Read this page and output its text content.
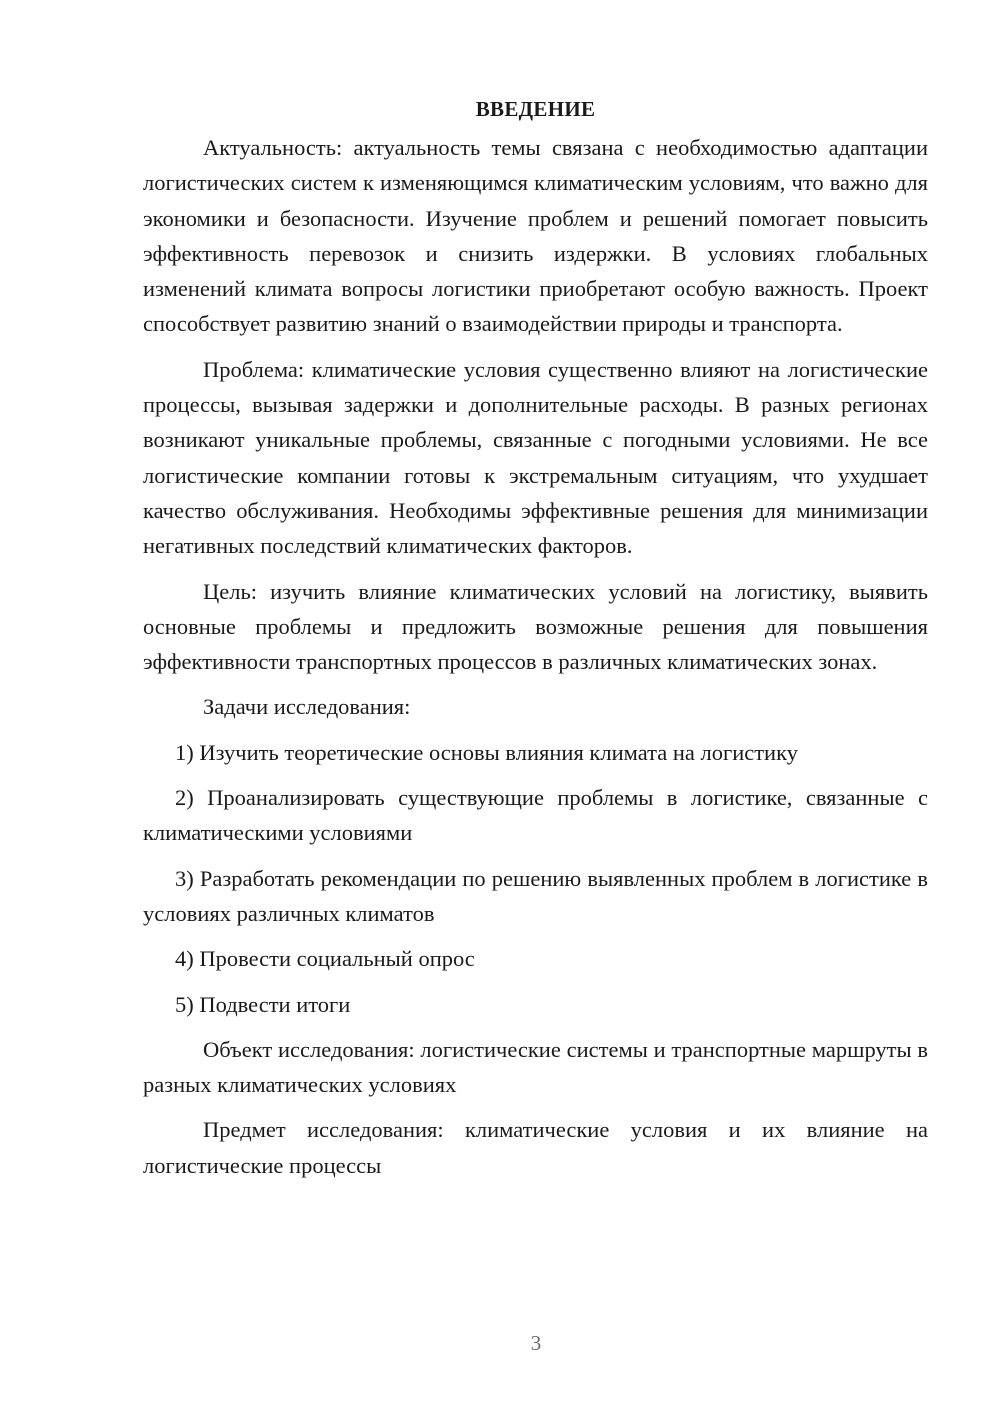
ВВЕДЕНИЕ

Актуальность: актуальность темы связана с необходимостью адаптации логистических систем к изменяющимся климатическим условиям, что важно для экономики и безопасности. Изучение проблем и решений помогает повысить эффективность перевозок и снизить издержки. В условиях глобальных изменений климата вопросы логистики приобретают особую важность. Проект способствует развитию знаний о взаимодействии природы и транспорта.

Проблема: климатические условия существенно влияют на логистические процессы, вызывая задержки и дополнительные расходы. В разных регионах возникают уникальные проблемы, связанные с погодными условиями. Не все логистические компании готовы к экстремальным ситуациям, что ухудшает качество обслуживания. Необходимы эффективные решения для минимизации негативных последствий климатических факторов.

Цель: изучить влияние климатических условий на логистику, выявить основные проблемы и предложить возможные решения для повышения эффективности транспортных процессов в различных климатических зонах.

Задачи исследования:

1) Изучить теоретические основы влияния климата на логистику

2) Проанализировать существующие проблемы в логистике, связанные с климатическими условиями

3) Разработать рекомендации по решению выявленных проблем в логистике в условиях различных климатов

4) Провести социальный опрос

5) Подвести итоги

Объект исследования: логистические системы и транспортные маршруты в разных климатических условиях

Предмет исследования: климатические условия и их влияние на логистические процессы

3
